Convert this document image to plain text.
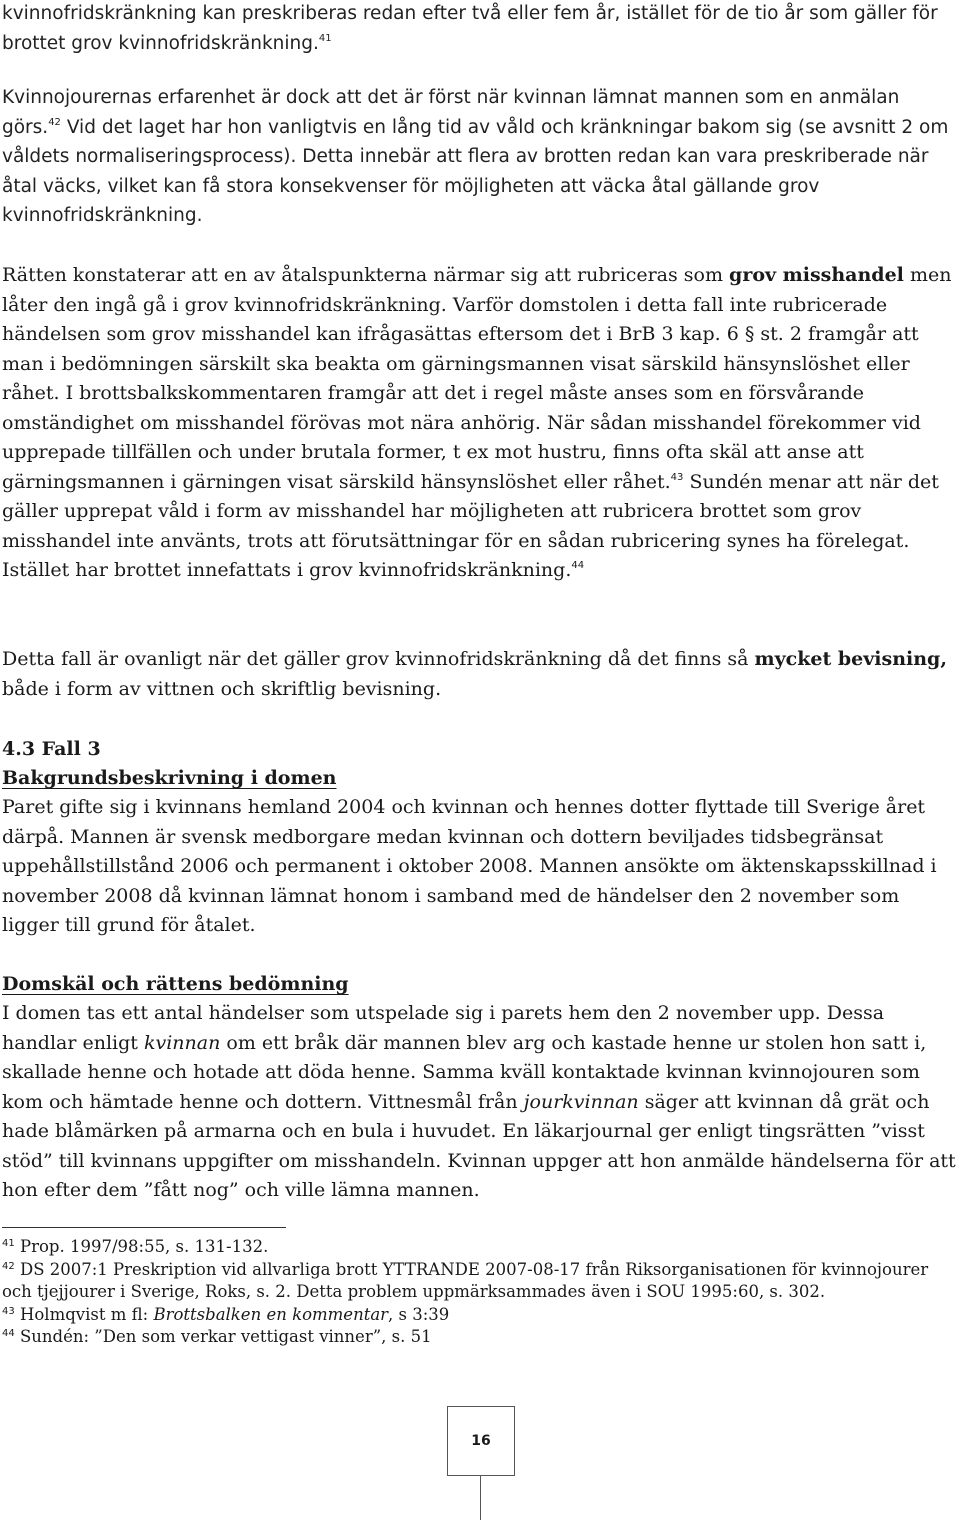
kvinnofridskränkning kan preskriberas redan efter två eller fem år, istället för de tio år som gäller för brottet grov kvinnofridskränkning.$^{41}$

Kvinnojourernas erfarenhet är dock att det är först när kvinnan lämnat mannen som en anmälan görs.$^{42}$ Vid det laget har hon vanligtvis en lång tid av våld och kränkningar bakom sig (se avsnitt 2 om våldets normaliseringsprocess). Detta innebär att flera av brotten redan kan vara preskriberade när åtal väcks, vilket kan få stora konsekvenser för möjligheten att väcka åtal gällande grov kvinnofridskränkning.

Rätten konstaterar att en av åtalspunkterna närmar sig att rubriceras som grov misshandel men låter den ingå gå i grov kvinnofridskränkning. Varför domstolen i detta fall inte rubricerade händelsen som grov misshandel kan ifrågasättas eftersom det i BrB 3 kap. 6 § st. 2 framgår att man i bedömningen särskilt ska beakta om gärningsmannen visat särskild hänsynslöshet eller råhet. I brottsbalkskommentaren framgår att det i regel måste anses som en försvårande omständighet om misshandel förövas mot nära anhörig. När sådan misshandel förekommer vid upprepade tillfällen och under brutala former, t ex mot hustru, finns ofta skäl att anse att gärningsmannen i gärningen visat särskild hänsynslöshet eller råhet.$^{43}$ Sundén menar att när det gäller upprepat våld i form av misshandel har möjligheten att rubricera brottet som grov misshandel inte använts, trots att förutsättningar för en sådan rubricering synes ha förelegat. Istället har brottet innefattats i grov kvinnofridskränkning.$^{44}$

Detta fall är ovanligt när det gäller grov kvinnofridskränkning då det finns så mycket bevisning, både i form av vittnen och skriftlig bevisning.

4.3 Fall 3
Bakgrundsbeskrivning i domen

Paret gifte sig i kvinnans hemland 2004 och kvinnan och hennes dotter flyttade till Sverige året därpå. Mannen är svensk medborgare medan kvinnan och dottern beviljades tidsbegränsat uppehållstillstånd 2006 och permanent i oktober 2008. Mannen ansökte om äktenskapsskillnad i november 2008 då kvinnan lämnat honom i samband med de händelser den 2 november som ligger till grund för åtalet.

Domskäl och rättens bedömning

I domen tas ett antal händelser som utspelade sig i parets hem den 2 november upp. Dessa handlar enligt kvinnan om ett bråk där mannen blev arg och kastade henne ur stolen hon satt i, skallade henne och hotade att döda henne. Samma kväll kontaktade kvinnan kvinnojouren som kom och hämtade henne och dottern. Vittnesmål från jourkvinnan säger att kvinnan då grät och hade blåmärken på armarna och en bula i huvudet. En läkarjournal ger enligt tingsrätten ”visst stöd” till kvinnans uppgifter om misshandeln. Kvinnan uppger att hon anmälde händelserna för att hon efter dem ”fått nog” och ville lämna mannen.

$^{41}$ Prop. 1997/98:55, s. 131-132.

$^{42}$ DS 2007:1 Preskription vid allvarliga brott YTTRANDE 2007-08-17 från Riksorganisationen för kvinnojourer och tjejjourer i Sverige, Roks, s. 2. Detta problem uppmärksammades även i SOU 1995:60, s. 302.

$^{43}$ Holmqvist m fl: Brottsbalken en kommentar, s 3:39

$^{44}$ Sundén: ”Den som verkar vettigast vinner”, s. 51

16
